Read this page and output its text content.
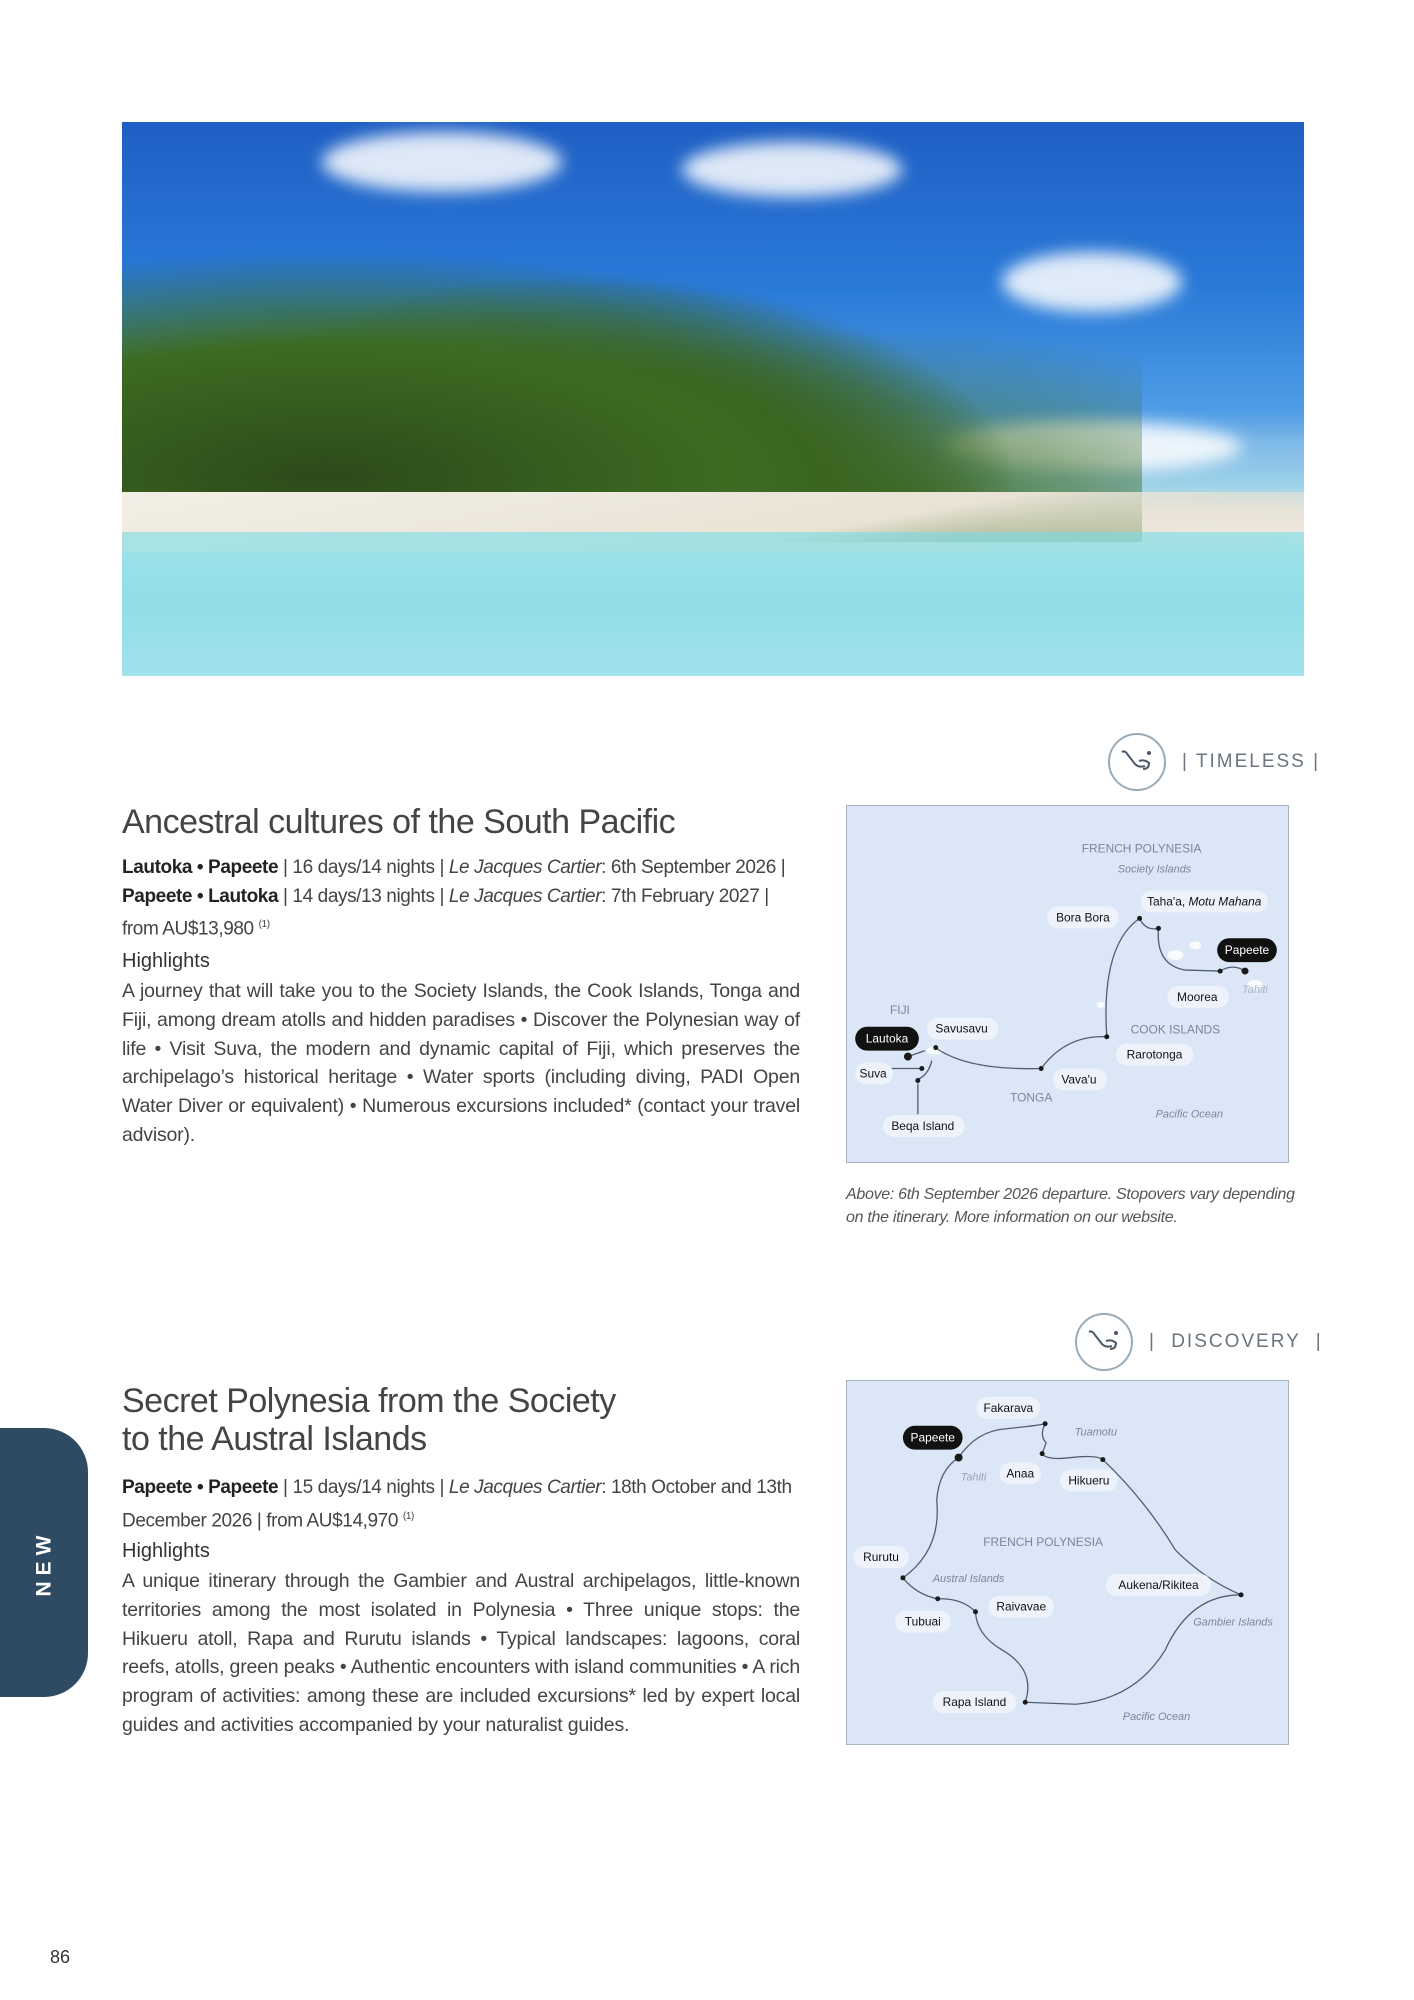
| TIMELESS |
Ancestral cultures of the South Pacific
Lautoka • Papeete | 16 days/14 nights | Le Jacques Cartier: 6th September 2026 |
Papeete • Lautoka | 14 days/13 nights | Le Jacques Cartier: 7th February 2027 |
from AU$13,980 $^{(1)}$
Highlights
A journey that will take you to the Society Islands, the Cook Islands, Tonga and Fiji, among dream atolls and hidden paradises • Discover the Polynesian way of life • Visit Suva, the modern and dynamic capital of Fiji, which preserves the archipelago’s historical heritage • Water sports (including diving, PADI Open Water Diver or equivalent) • Numerous excursions included* (contact your travel advisor).
FRENCH POLYNESIA
Society Islands
FIJI
COOK ISLANDS
TONGA
Pacific Ocean
Tahiti
Lautoka
Savusavu
Suva
Beqa Island
Vava'u
Rarotonga
Bora Bora
Taha'a, Motu Mahana
Moorea
Papeete
Above: 6th September 2026 departure. Stopovers vary depending on the itinerary. More information on our website.
| DISCOVERY |
Secret Polynesia from the Society
to the Austral Islands
Papeete • Papeete | 15 days/14 nights | Le Jacques Cartier: 18th October and 13th December 2026 | from AU$14,970 $^{(1)}$
Highlights
A unique itinerary through the Gambier and Austral archipelagos, little-known territories among the most isolated in Polynesia • Three unique stops: the Hikueru atoll, Rapa and Rurutu islands • Typical landscapes: lagoons, coral reefs, atolls, green peaks • Authentic encounters with island communities • A rich program of activities: among these are included excursions* led by expert local guides and activities accompanied by your naturalist guides.
Tuamotu
Tahiti
FRENCH POLYNESIA
Austral Islands
Gambier Islands
Pacific Ocean
Fakarava
Papeete
Anaa	Hikueru
Rurutu
Aukena/Rikitea
Raivavae
Tubuai
Rapa Island
NEW
86
